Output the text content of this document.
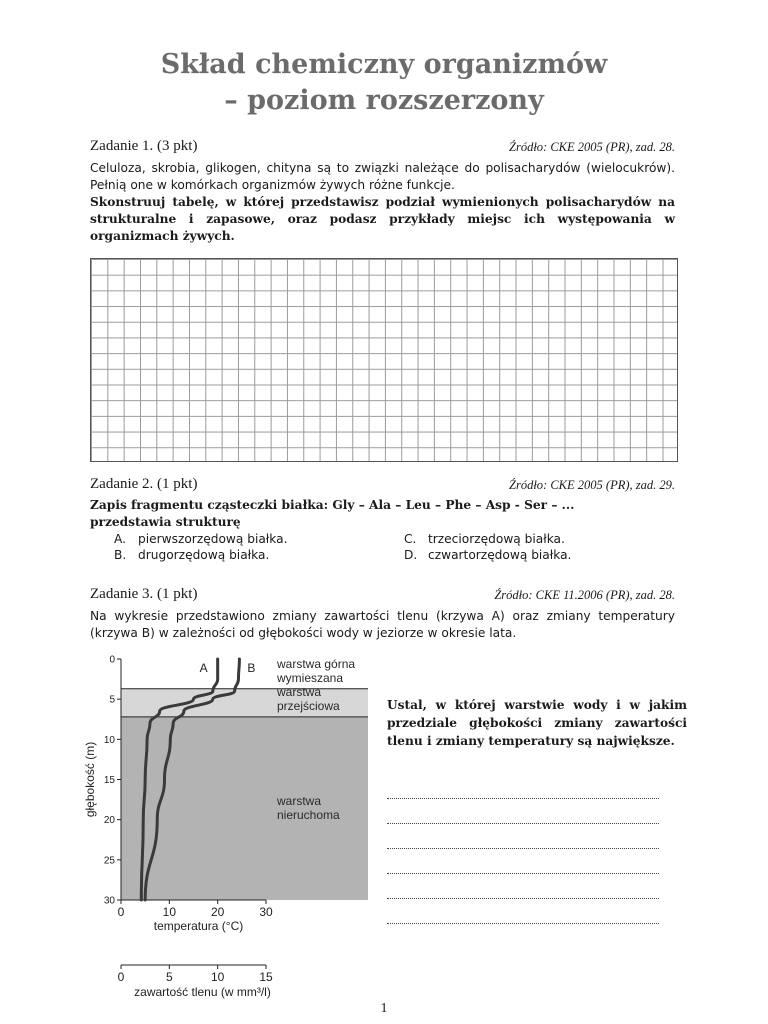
Skład chemiczny organizmów
– poziom rozszerzony
Zadanie 1. (3 pkt)	Źródło: CKE 2005 (PR), zad. 28.
Celuloza, skrobia, glikogen, chityna są to związki należące do polisacharydów (wielocukrów). Pełnią one w komórkach organizmów żywych różne funkcje.
Skonstruuj tabelę, w której przedstawisz podział wymienionych polisacharydów na strukturalne i zapasowe, oraz podasz przykłady miejsc ich występowania w organizmach żywych.
Zadanie 2. (1 pkt)	Źródło: CKE 2005 (PR), zad. 29.
Zapis fragmentu cząsteczki białka: Gly – Ala – Leu – Phe – Asp - Ser – ...
przedstawia strukturę
A. pierwszorzędową białka.
B. drugorzędową białka.
C. trzeciorzędową białka.
D. czwartorzędową białka.
Zadanie 3. (1 pkt)	Źródło: CKE 11.2006 (PR), zad. 28.
Na wykresie przedstawiono zmiany zawartości tlenu (krzywa A) oraz zmiany temperatury (krzywa B) w zależności od głębokości wody w jeziorze w okresie lata.
0
5
10
15
20
25
30
głębokość (m)
0	10	20	30
temperatura (°C)
0	5	10	15
zawartość tlenu (w mm³/l)
A	B warstwa górna
wymieszana
warstwa
przejściowa
warstwa
nieruchoma
Ustal, w której warstwie wody i w jakim przedziale głębokości zmiany zawartości tlenu i zmiany temperatury są największe.
1
